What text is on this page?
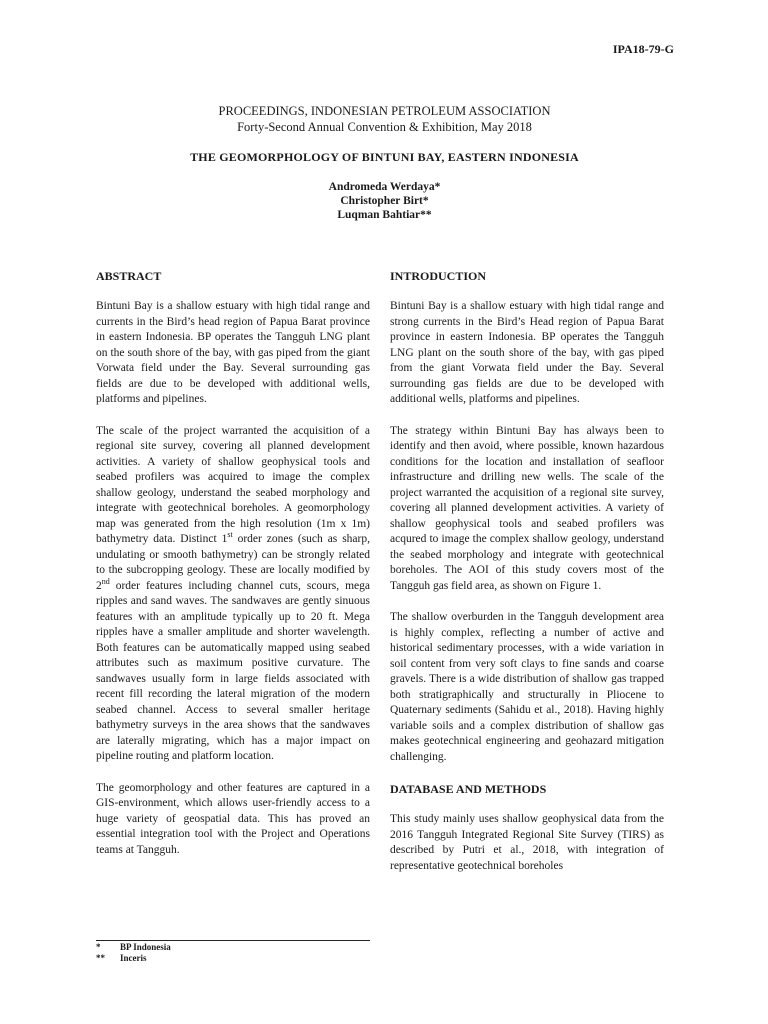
IPA18-79-G
PROCEEDINGS, INDONESIAN PETROLEUM ASSOCIATION
Forty-Second Annual Convention & Exhibition, May 2018
THE GEOMORPHOLOGY OF BINTUNI BAY, EASTERN INDONESIA
Andromeda Werdaya*
Christopher Birt*
Luqman Bahtiar**
ABSTRACT

Bintuni Bay is a shallow estuary with high tidal range and currents in the Bird’s head region of Papua Barat province in eastern Indonesia. BP operates the Tangguh LNG plant on the south shore of the bay, with gas piped from the giant Vorwata field under the Bay. Several surrounding gas fields are due to be developed with additional wells, platforms and pipelines.

The scale of the project warranted the acquisition of a regional site survey, covering all planned development activities. A variety of shallow geophysical tools and seabed profilers was acquired to image the complex shallow geology, understand the seabed morphology and integrate with geotechnical boreholes. A geomorphology map was generated from the high resolution (1m x 1m) bathymetry data. Distinct 1st order zones (such as sharp, undulating or smooth bathymetry) can be strongly related to the subcropping geology. These are locally modified by 2nd order features including channel cuts, scours, mega ripples and sand waves. The sandwaves are gently sinuous features with an amplitude typically up to 20 ft. Mega ripples have a smaller amplitude and shorter wavelength. Both features can be automatically mapped using seabed attributes such as maximum positive curvature. The sandwaves usually form in large fields associated with recent fill recording the lateral migration of the modern seabed channel. Access to several smaller heritage bathymetry surveys in the area shows that the sandwaves are laterally migrating, which has a major impact on pipeline routing and platform location.

The geomorphology and other features are captured in a GIS-environment, which allows user-friendly access to a huge variety of geospatial data. This has proved an essential integration tool with the Project and Operations teams at Tangguh.

INTRODUCTION

Bintuni Bay is a shallow estuary with high tidal range and strong currents in the Bird’s Head region of Papua Barat province in eastern Indonesia. BP operates the Tangguh LNG plant on the south shore of the bay, with gas piped from the giant Vorwata field under the Bay. Several surrounding gas fields are due to be developed with additional wells, platforms and pipelines.

The strategy within Bintuni Bay has always been to identify and then avoid, where possible, known hazardous conditions for the location and installation of seafloor infrastructure and drilling new wells. The scale of the project warranted the acquisition of a regional site survey, covering all planned development activities. A variety of shallow geophysical tools and seabed profilers was acqured to image the complex shallow geology, understand the seabed morphology and integrate with geotechnical boreholes. The AOI of this study covers most of the Tangguh gas field area, as shown on Figure 1.

The shallow overburden in the Tangguh development area is highly complex, reflecting a number of active and historical sedimentary processes, with a wide variation in soil content from very soft clays to fine sands and coarse gravels. There is a wide distribution of shallow gas trapped both stratigraphically and structurally in Pliocene to Quaternary sediments (Sahidu et al., 2018). Having highly variable soils and a complex distribution of shallow gas makes geotechnical engineering and geohazard mitigation challenging.

DATABASE AND METHODS

This study mainly uses shallow geophysical data from the 2016 Tangguh Integrated Regional Site Survey (TIRS) as described by Putri et al., 2018, with integration of representative geotechnical boreholes

*	BP Indonesia
**	Inceris
